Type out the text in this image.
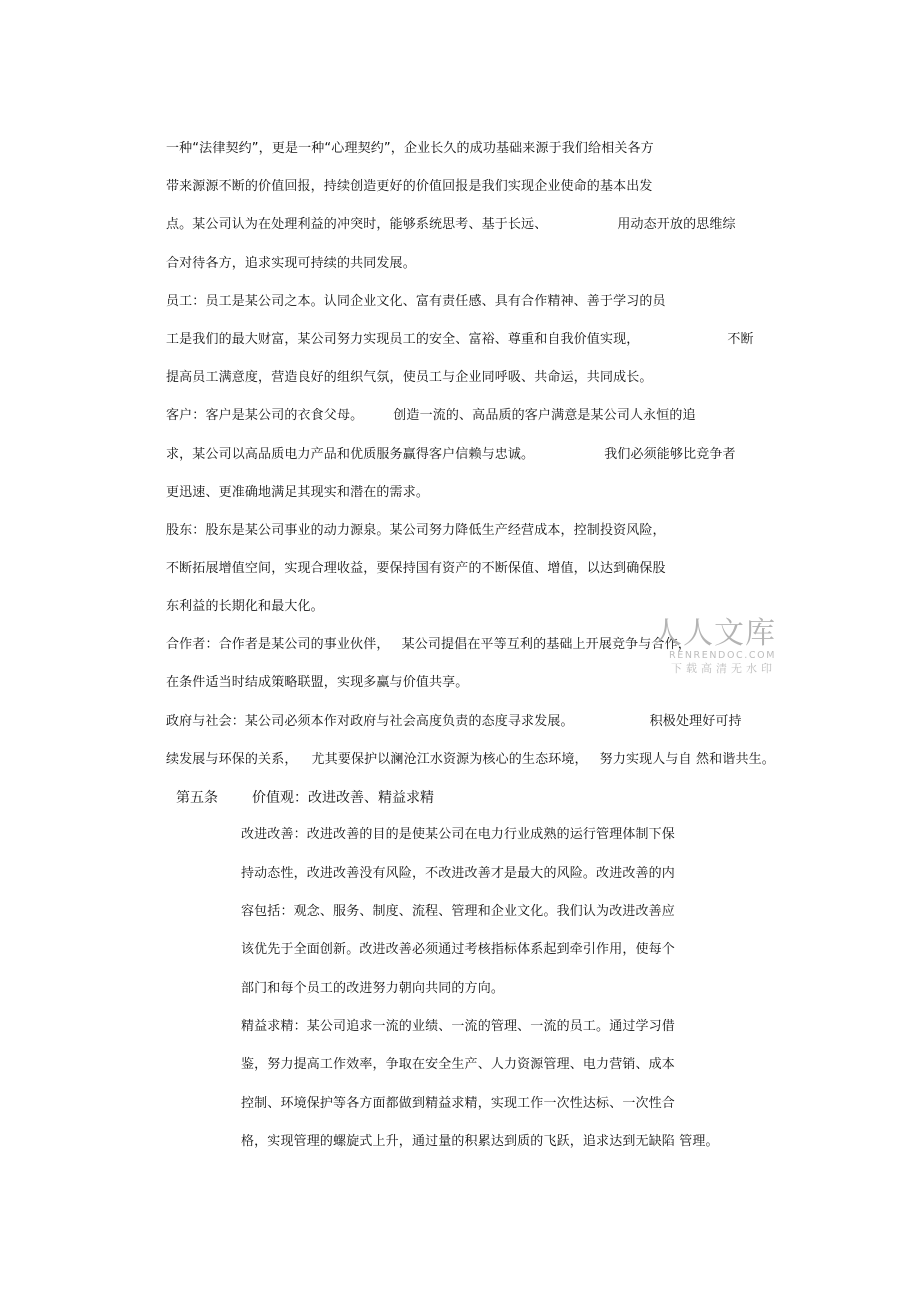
一种“法律契约”，更是一种“心理契约”，企业长久的成功基础来源于我们给相关各方
带来源源不断的价值回报，持续创造更好的价值回报是我们实现企业使命的基本出发
点。某公司认为在处理利益的冲突时，能够系统思考、基于长远、	用动态开放的思维综
合对待各方，追求实现可持续的共同发展。
员工：员工是某公司之本。认同企业文化、富有责任感、具有合作精神、善于学习的员
工是我们的最大财富，某公司努力实现员工的安全、富裕、尊重和自我价值实现，	不断
提高员工满意度，营造良好的组织气氛，使员工与企业同呼吸、共命运，共同成长。
客户：客户是某公司的衣食父母。 创造一流的、高品质的客户满意是某公司人永恒的追
求，某公司以高品质电力产品和优质服务赢得客户信赖与忠诚。	我们必须能够比竞争者
更迅速、更准确地满足其现实和潜在的需求。
股东：股东是某公司事业的动力源泉。某公司努力降低生产经营成本，控制投资风险，
不断拓展增值空间，实现合理收益，要保持国有资产的不断保值、增值，以达到确保股
东利益的长期化和最大化。
合作者：合作者是某公司的事业伙伴， 某公司提倡在平等互利的基础上开展竞争与合作，
在条件适当时结成策略联盟，实现多赢与价值共享。
政府与社会：某公司必须本作对政府与社会高度负责的态度寻求发展。	积极处理好可持
续发展与环保的关系， 尤其要保护以澜沧江水资源为核心的生态环境， 努力实现人与自 然和谐共生。
第五条 价值观：改进改善、精益求精
改进改善：改进改善的目的是使某公司在电力行业成熟的运行管理体制下保
持动态性，改进改善没有风险，不改进改善才是最大的风险。改进改善的内
容包括：观念、服务、制度、流程、管理和企业文化。我们认为改进改善应
该优先于全面创新。改进改善必须通过考核指标体系起到牵引作用，使每个
部门和每个员工的改进努力朝向共同的方向。
精益求精：某公司追求一流的业绩、一流的管理、一流的员工。通过学习借
鉴，努力提高工作效率，争取在安全生产、人力资源管理、电力营销、成本
控制、环境保护等各方面都做到精益求精，实现工作一次性达标、一次性合
格，实现管理的螺旋式上升，通过量的积累达到质的飞跃，追求达到无缺陷 管理。
人人文库
RENRENDOC.COM
下载高清无水印
